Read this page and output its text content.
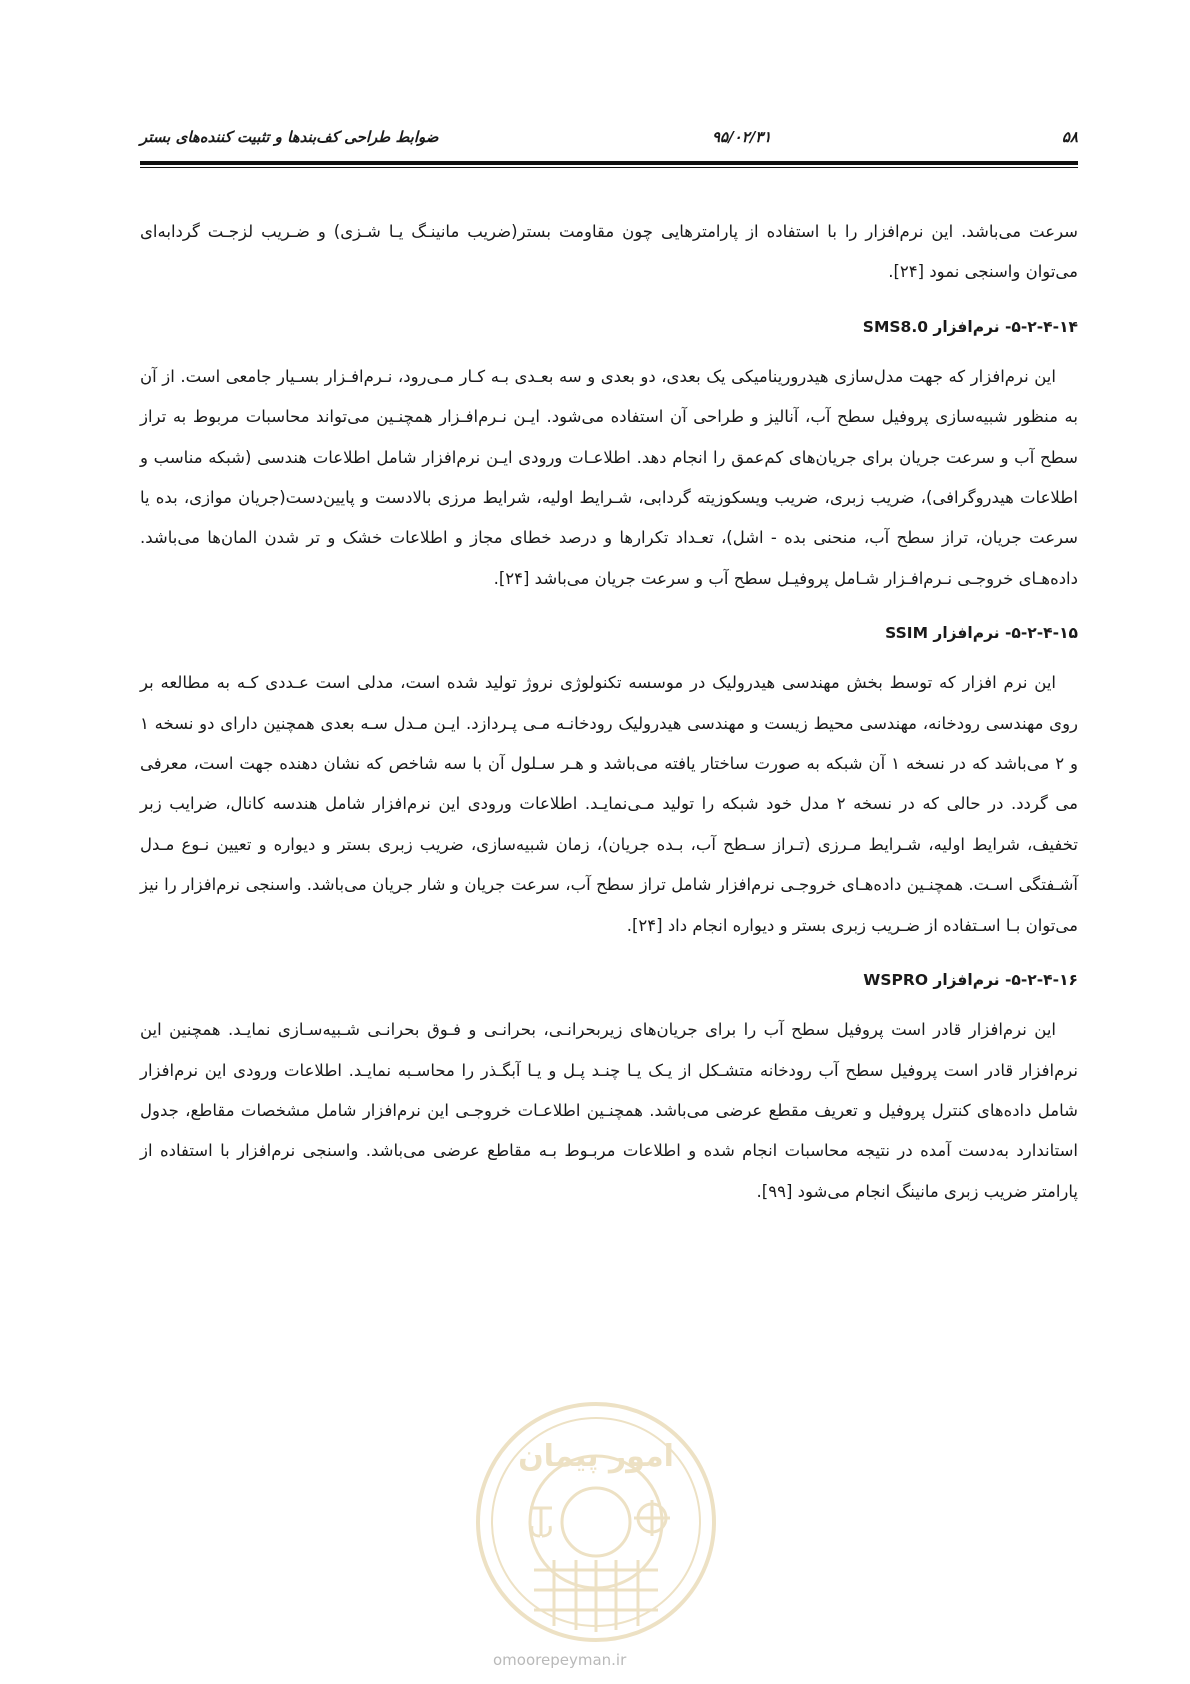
۵۸
۹۵/۰۲/۳۱
ضوابط طراحی کف‌بندها و تثبیت کننده‌های بستر

سرعت می‌باشد. این نرم‌افزار را با استفاده از پارامترهایی چون مقاومت بستر(ضریب مانینـگ یـا شـزی) و ضـریب لزجـت گردابه‌ای می‌توان واسنجی نمود [۲۴].

۵-۲-۴-۱۴- نرم‌افزار SMS8.0

این نرم‌افزار که جهت مدل‌سازی هیدرورینامیکی یک بعدی، دو بعدی و سه بعـدی بـه کـار مـی‌رود، نـرم‌افـزار بسـیار جامعی است. از آن به منظور شبیه‌سازی پروفیل سطح آب، آنالیز و طراحی آن استفاده می‌شود. ایـن نـرم‌افـزار همچنـین می‌تواند محاسبات مربوط به تراز سطح آب و سرعت جریان برای جریان‌های کم‌عمق را انجام دهد. اطلاعـات ورودی ایـن نرم‌افزار شامل اطلاعات هندسی (شبکه مناسب و اطلاعات هیدروگرافی)، ضریب زبری، ضریب ویسکوزیته گردابی، شـرایط اولیه، شرایط مرزی بالادست و پایین‌دست(جریان موازی، بده یا سرعت جریان، تراز سطح آب، منحنی بده - اشل)، تعـداد تکرارها و درصد خطای مجاز و اطلاعات خشک و تر شدن المان‌ها می‌باشد. داده‌هـای خروجـی نـرم‌افـزار شـامل پروفیـل سطح آب و سرعت جریان می‌باشد [۲۴].

۵-۲-۴-۱۵- نرم‌افزار SSIM

این نرم افزار که توسط بخش مهندسی هیدرولیک در موسسه تکنولوژی نروژ تولید شده است، مدلی است عـددی کـه به مطالعه بر روی مهندسی رودخانه، مهندسی محیط زیست و مهندسی هیدرولیک رودخانـه مـی پـردازد. ایـن مـدل سـه بعدی همچنین دارای دو نسخه ۱ و ۲ می‌باشد که در نسخه ۱ آن شبکه به صورت ساختار یافته می‌باشد و هـر سـلول آن با سه شاخص که نشان دهنده جهت است، معرفی می گردد. در حالی که در نسخه ۲ مدل خود شبکه را تولید مـی‌نمایـد. اطلاعات ورودی این نرم‌افزار شامل هندسه کانال، ضرایب زبر تخفیف، شرایط اولیه، شـرایط مـرزی (تـراز سـطح آب، بـده جریان)، زمان شبیه‌سازی، ضریب زبری بستر و دیواره و تعیین نـوع مـدل آشـفتگی اسـت. همچنـین داده‌هـای خروجـی نرم‌افزار شامل تراز سطح آب، سرعت جریان و شار جریان می‌باشد. واسنجی نرم‌افزار را نیز می‌توان بـا اسـتفاده از ضـریب زبری بستر و دیواره انجام داد [۲۴].

۵-۲-۴-۱۶- نرم‌افزار WSPRO

این نرم‌افزار قادر است پروفیل سطح آب را برای جریان‌های زیربحرانـی، بحرانـی و فـوق بحرانـی شـبیه‌سـازی نمایـد. همچنین این نرم‌افزار قادر است پروفیل سطح آب رودخانه متشـکل از یـک یـا چنـد پـل و یـا آبگـذر را محاسـبه نمایـد. اطلاعات ورودی این نرم‌افزار شامل داده‌های کنترل پروفیل و تعریف مقطع عرضی می‌باشد. همچنـین اطلاعـات خروجـی این نرم‌افزار شامل مشخصات مقاطع، جدول استاندارد به‌دست آمده در نتیجه محاسبات انجام شده و اطلاعات مربـوط بـه مقاطع عرضی می‌باشد. واسنجی نرم‌افزار با استفاده از پارامتر ضریب زبری مانینگ انجام می‌شود [۹۹].

امور پیمان
omoorepeyman.ir
